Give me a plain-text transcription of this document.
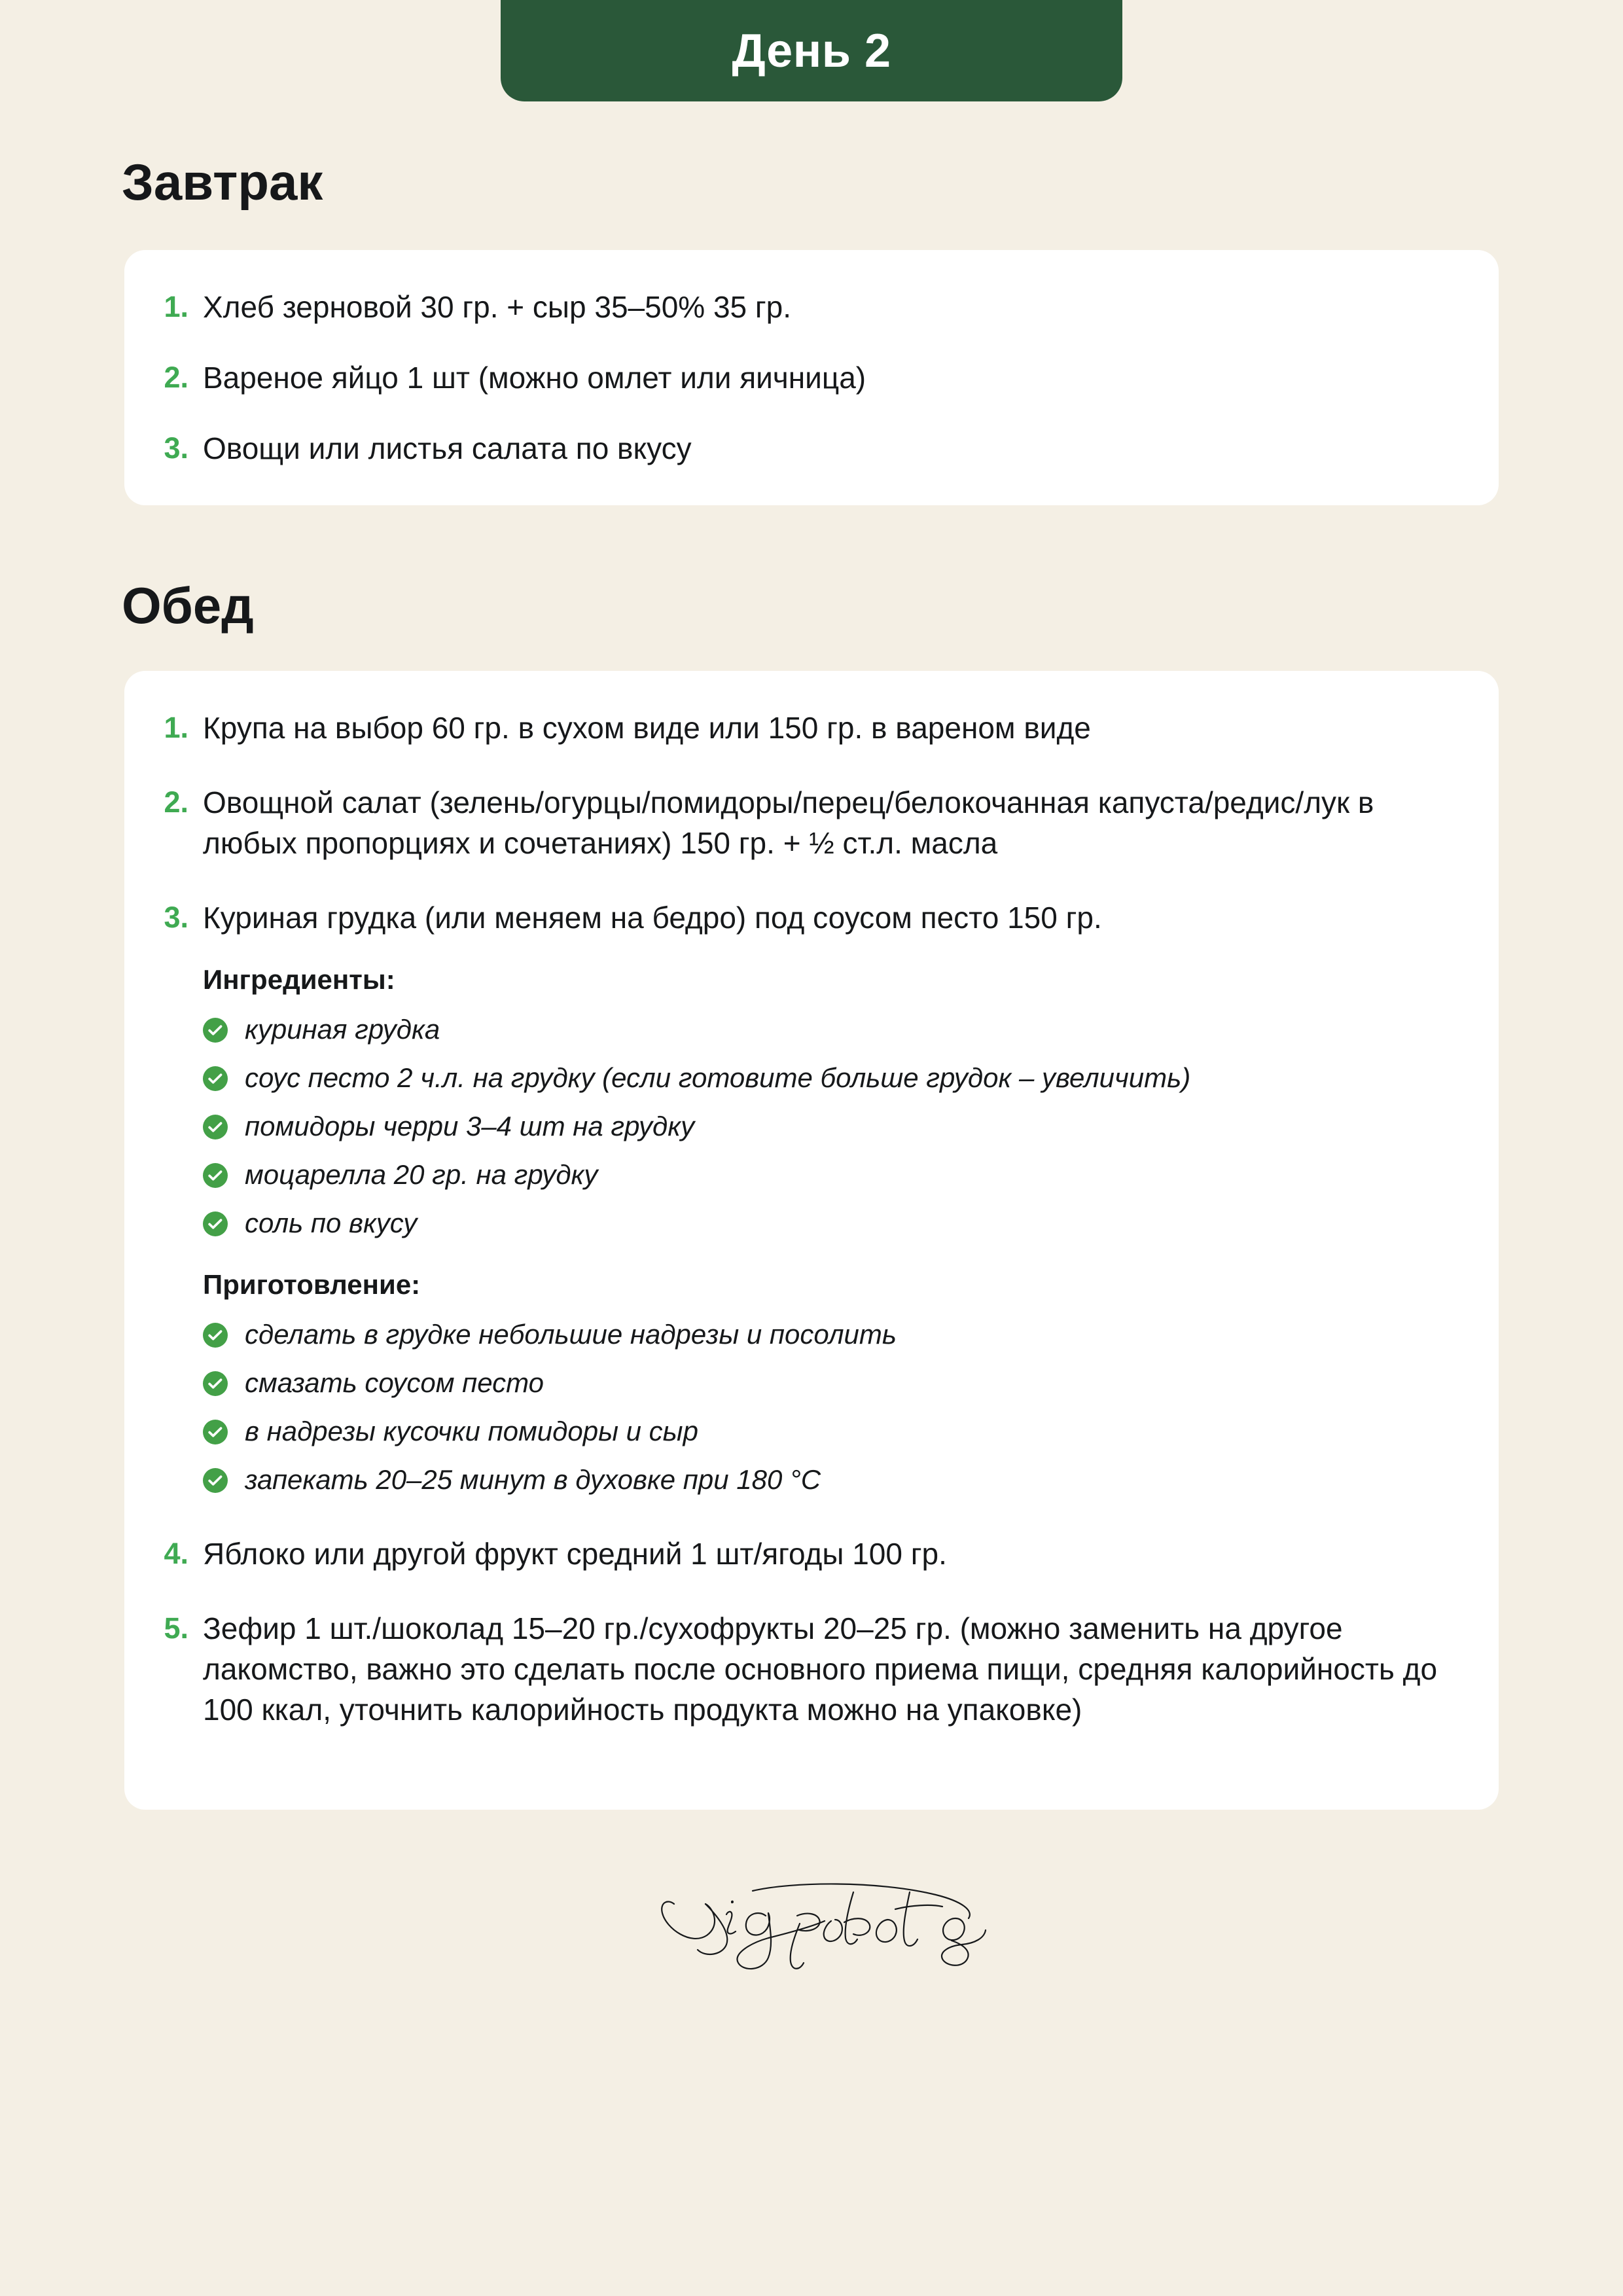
День 2
Завтрак
1. Хлеб зерновой 30 гр. + сыр 35–50% 35 гр.
2. Вареное яйцо 1 шт (можно омлет или яичница)
3. Овощи или листья салата по вкусу
Обед
1. Крупа на выбор 60 гр. в сухом виде или 150 гр. в вареном виде
2. Овощной салат (зелень/огурцы/помидоры/перец/белокочанная капуста/редис/лук в любых пропорциях и сочетаниях) 150 гр. + ½ ст.л. масла
3. Куриная грудка (или меняем на бедро) под соусом песто 150 гр.
Ингредиенты:
куриная грудка
соус песто 2 ч.л. на грудку (если готовите больше грудок – увеличить)
помидоры черри 3–4 шт на грудку
моцарелла 20 гр. на грудку
соль по вкусу
Приготовление:
сделать в грудке небольшие надрезы и посолить
смазать соусом песто
в надрезы кусочки помидоры и сыр
запекать 20–25 минут в духовке при 180 °C
4. Яблоко или другой фрукт средний 1 шт/ягоды 100 гр.
5. Зефир 1 шт./шоколад 15–20 гр./сухофрукты 20–25 гр. (можно заменить на другое лакомство, важно это сделать после основного приема пищи, средняя калорийность до 100 ккал, уточнить калорийность продукта можно на упаковке)
